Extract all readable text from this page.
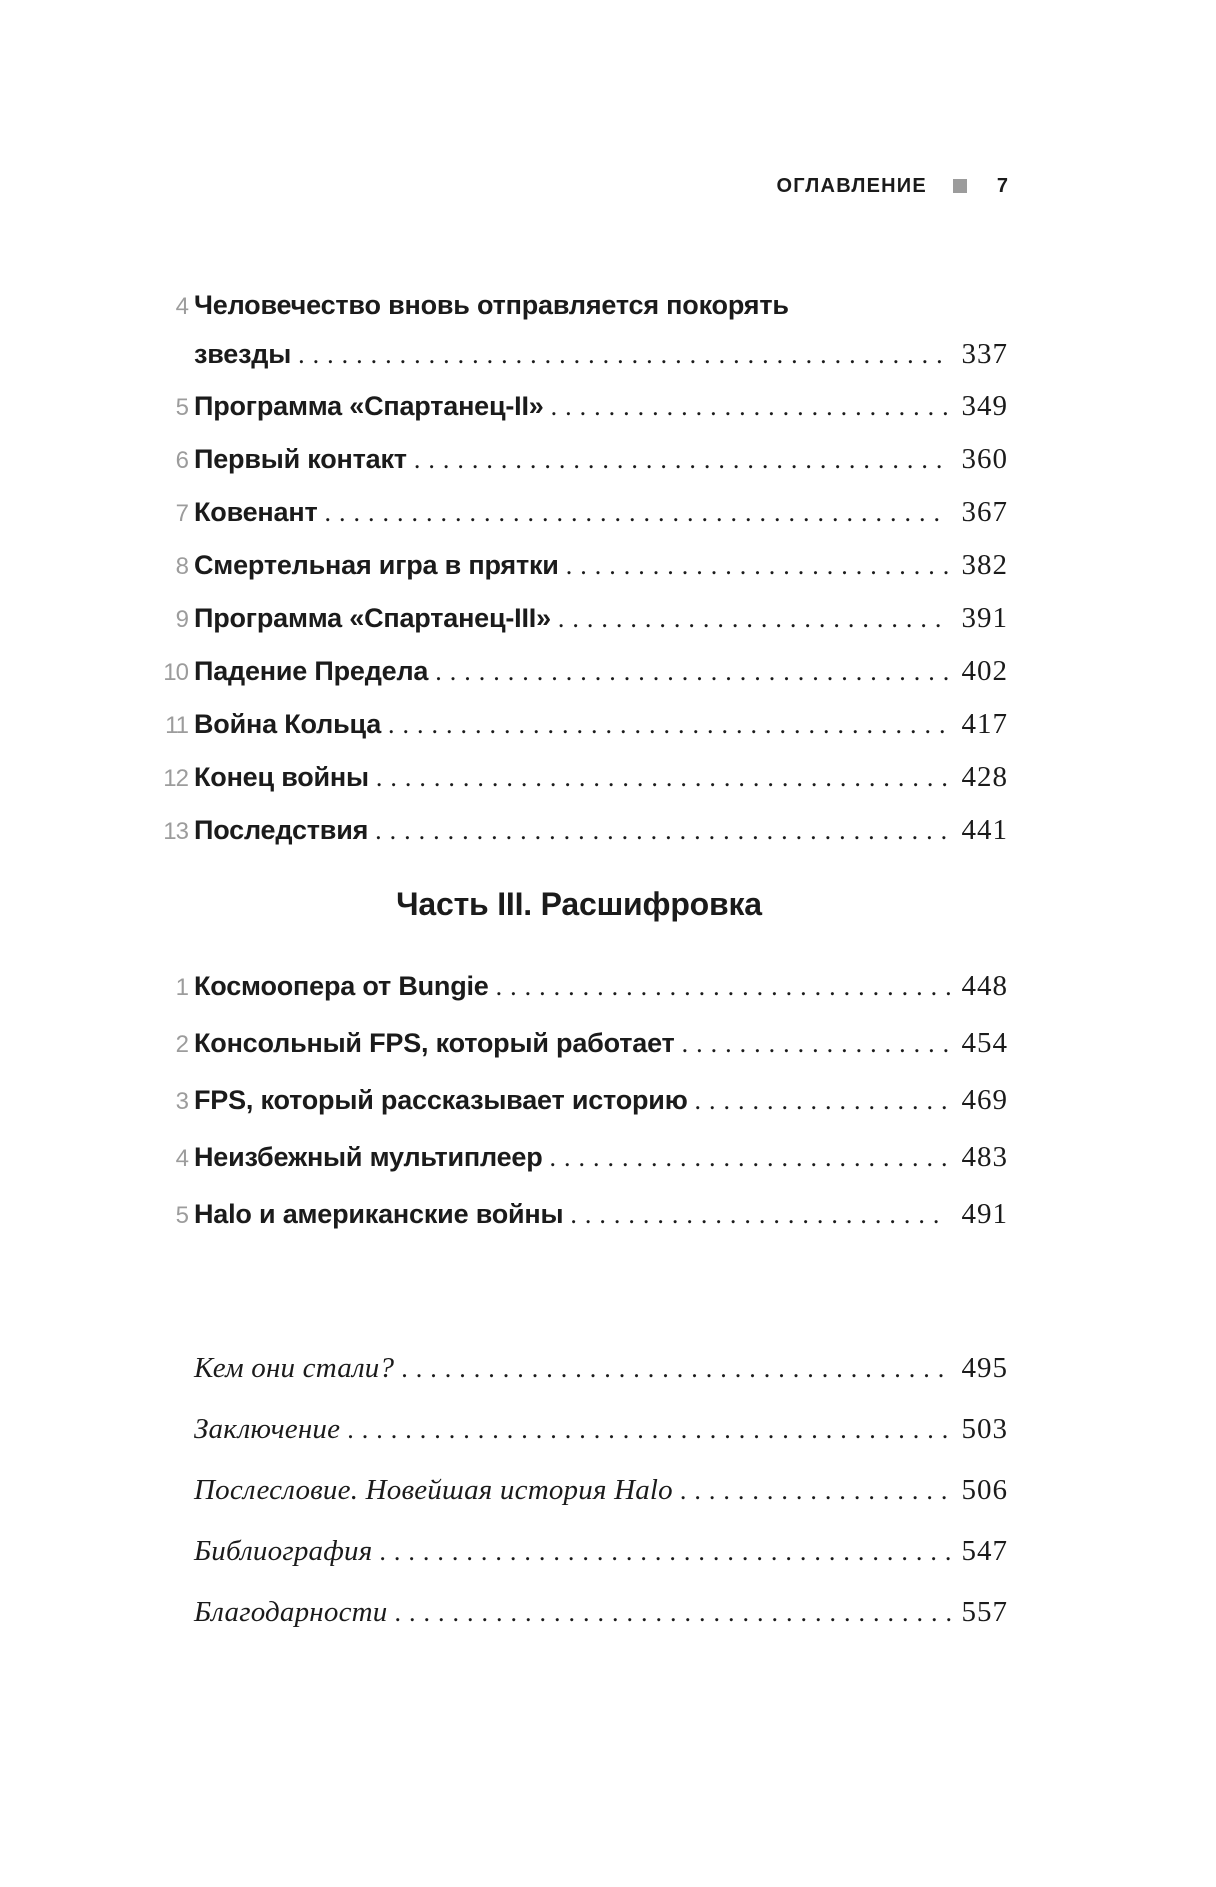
ОГЛАВЛЕНИЕ	7
4 Человечество вновь отправляется покорять
звезды ............................................. 337
5 Программа «Спартанец-II» ............................ 349
6 Первый контакт ..................................... 360
7 Ковенант ........................................... 367
8 Смертельная игра в прятки ........................... 382
9 Программа «Спартанец-III» ........................... 391
10 Падение Предела .................................... 402
11 Война Кольца ....................................... 417
12 Конец войны ........................................ 428
13 Последствия ........................................ 441
Часть III. Расшифровка
1 Космоопера от Bungie ................................ 448
2 Консольный FPS, который работает ................... 454
3 FPS, который рассказывает историю .................. 469
4 Неизбежный мультиплеер ............................ 483
5 Halo и американские войны .......................... 491
Кем они стали? ...................................... 495
Заключение .......................................... 503
Послесловие. Новейшая история Halo ................... 506
Библиография ........................................ 547
Благодарности ....................................... 557
